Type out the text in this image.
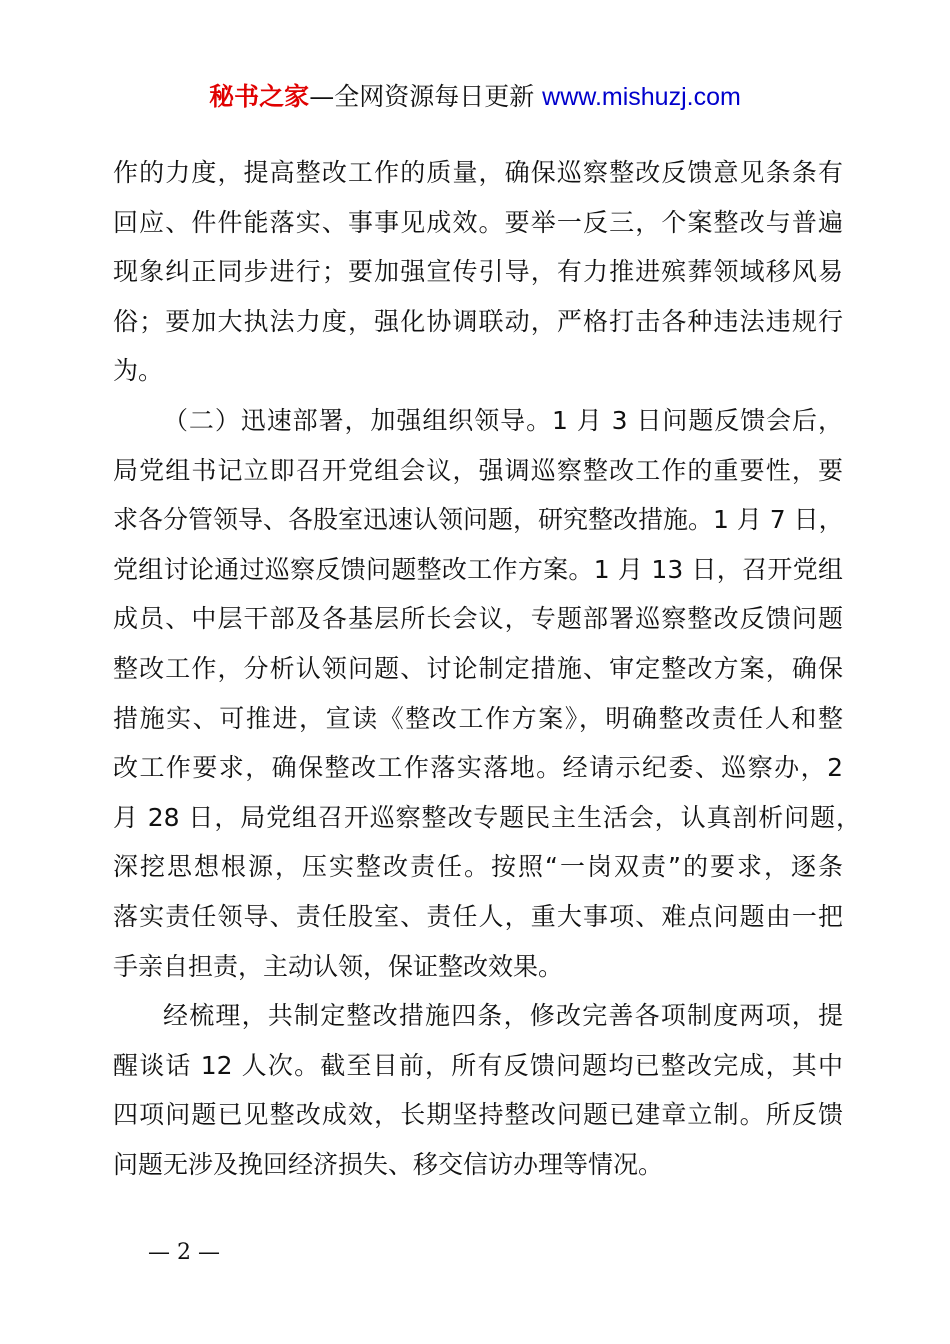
秘书之家—全网资源每日更新 www.mishuzj.com
作的力度，提高整改工作的质量，确保巡察整改反馈意见条条有
回应、件件能落实、事事见成效。要举一反三，个案整改与普遍
现象纠正同步进行；要加强宣传引导，有力推进殡葬领域移风易
俗；要加大执法力度，强化协调联动，严格打击各种违法违规行
为。
（二）迅速部署，加强组织领导。1 月 3 日问题反馈会后，
局党组书记立即召开党组会议，强调巡察整改工作的重要性，要
求各分管领导、各股室迅速认领问题，研究整改措施。1 月 7 日，
党组讨论通过巡察反馈问题整改工作方案。1 月 13 日，召开党组
成员、中层干部及各基层所长会议，专题部署巡察整改反馈问题
整改工作，分析认领问题、讨论制定措施、审定整改方案，确保
措施实、可推进，宣读《整改工作方案》，明确整改责任人和整
改工作要求，确保整改工作落实落地。经请示纪委、巡察办，2
月 28 日，局党组召开巡察整改专题民主生活会，认真剖析问题，
深挖思想根源，压实整改责任。按照“一岗双责”的要求，逐条
落实责任领导、责任股室、责任人，重大事项、难点问题由一把
手亲自担责，主动认领，保证整改效果。
经梳理，共制定整改措施四条，修改完善各项制度两项，提
醒谈话 12 人次。截至目前，所有反馈问题均已整改完成，其中
四项问题已见整改成效，长期坚持整改问题已建章立制。所反馈
问题无涉及挽回经济损失、移交信访办理等情况。
— 2 —
